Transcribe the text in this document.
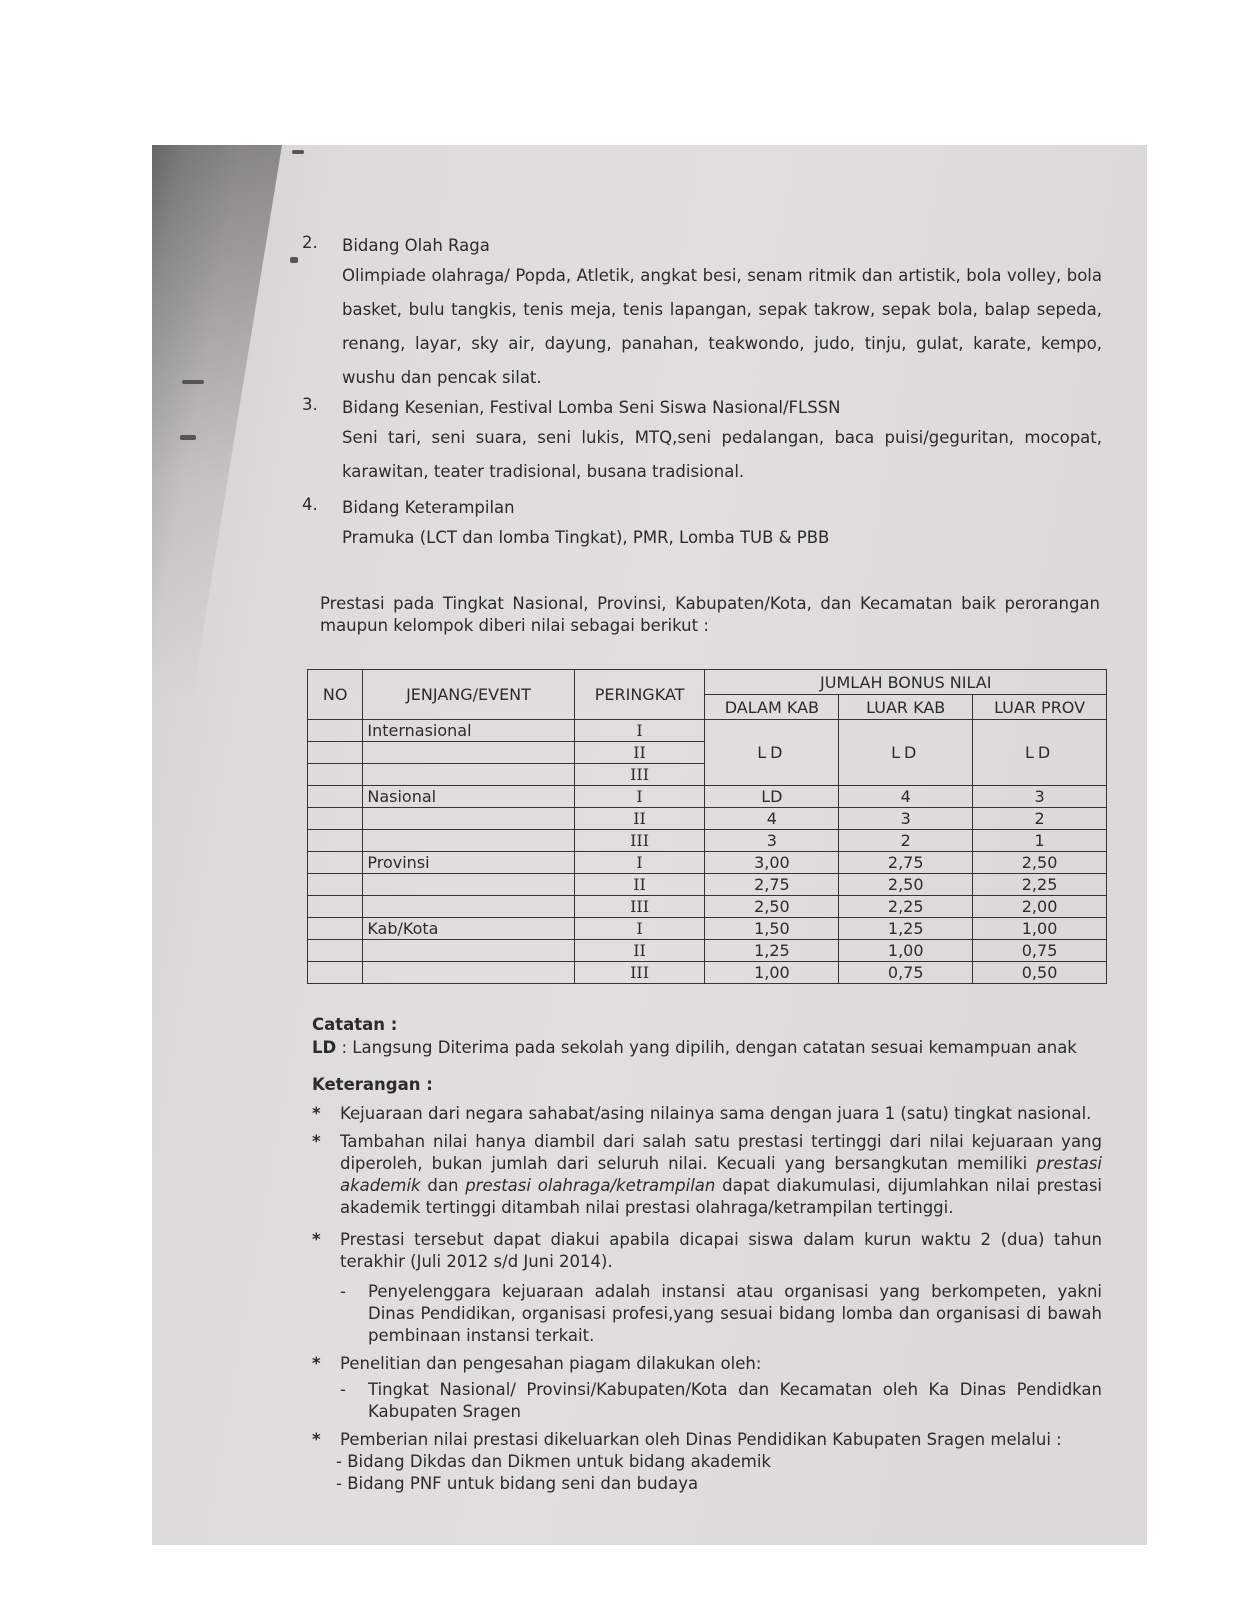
2.	Bidang Olah Raga
Olimpiade olahraga/ Popda, Atletik, angkat besi, senam ritmik dan artistik, bola volley, bola basket, bulu tangkis, tenis meja, tenis lapangan, sepak takrow, sepak bola, balap sepeda, renang, layar, sky air, dayung, panahan, teakwondo, judo, tinju, gulat, karate, kempo, wushu dan pencak silat.
3.	Bidang Kesenian, Festival Lomba Seni Siswa Nasional/FLSSN
Seni tari, seni suara, seni lukis, MTQ,seni pedalangan, baca puisi/geguritan, mocopat, karawitan, teater tradisional, busana tradisional.
4.	Bidang Keterampilan
Pramuka (LCT dan lomba Tingkat), PMR, Lomba TUB & PBB
Prestasi pada Tingkat Nasional, Provinsi, Kabupaten/Kota, dan Kecamatan baik perorangan maupun kelompok diberi nilai sebagai berikut :
NO	JENJANG/EVENT	PERINGKAT	JUMLAH BONUS NILAI		
			DALAM KAB	LUAR KAB	LUAR PROV
	Internasional	I	LD	LD	LD
		II			
		III			
	Nasional	I	LD	4	3
		II	4	3	2
		III	3	2	1
	Provinsi	I	3,00	2,75	2,50
		II	2,75	2,50	2,25
		III	2,50	2,25	2,00
	Kab/Kota	I	1,50	1,25	1,00
		II	1,25	1,00	0,75
		III	1,00	0,75	0,50
Catatan :
LD : Langsung Diterima pada sekolah yang dipilih, dengan catatan sesuai kemampuan anak
Keterangan :
* Kejuaraan dari negara sahabat/asing nilainya sama dengan juara 1 (satu) tingkat nasional.
* Tambahan nilai hanya diambil dari salah satu prestasi tertinggi dari nilai kejuaraan yang diperoleh, bukan jumlah dari seluruh nilai. Kecuali yang bersangkutan memiliki prestasi akademik dan prestasi olahraga/ketrampilan dapat diakumulasi, dijumlahkan nilai prestasi akademik tertinggi ditambah nilai prestasi olahraga/ketrampilan tertinggi.
* Prestasi tersebut dapat diakui apabila dicapai siswa dalam kurun waktu 2 (dua) tahun terakhir (Juli 2012 s/d Juni 2014).
- Penyelenggara kejuaraan adalah instansi atau organisasi yang berkompeten, yakni Dinas Pendidikan, organisasi profesi,yang sesuai bidang lomba dan organisasi di bawah pembinaan instansi terkait.
* Penelitian dan pengesahan piagam dilakukan oleh:
- Tingkat Nasional/ Provinsi/Kabupaten/Kota dan Kecamatan oleh Ka Dinas Pendidkan Kabupaten Sragen
* Pemberian nilai prestasi dikeluarkan oleh Dinas Pendidikan Kabupaten Sragen melalui :
- Bidang Dikdas dan Dikmen untuk bidang akademik
- Bidang PNF untuk bidang seni dan budaya
